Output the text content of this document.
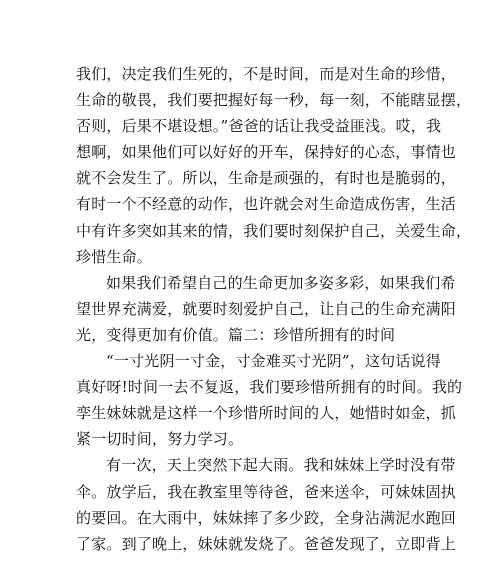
我们，决定我们生死的，不是时间，而是对生命的珍惜，
生命的敬畏，我们要把握好每一秒，每一刻，不能瞎显摆，
否则，后果不堪设想。”爸爸的话让我受益匪浅。哎，我
想啊，如果他们可以好好的开车，保持好的心态，事情也
就不会发生了。所以，生命是顽强的，有时也是脆弱的，
有时一个不经意的动作，也许就会对生命造成伤害，生活
中有许多突如其来的情，我们要时刻保护自己，关爱生命，
珍惜生命。
如果我们希望自己的生命更加多姿多彩，如果我们希
望世界充满爱，就要时刻爱护自己，让自己的生命充满阳
光，变得更加有价值。篇二：珍惜所拥有的时间
“一寸光阴一寸金，寸金难买寸光阴”，这句话说得
真好呀!时间一去不复返，我们要珍惜所拥有的时间。我的
孪生妹妹就是这样一个珍惜所时间的人，她惜时如金，抓
紧一切时间，努力学习。
有一次，天上突然下起大雨。我和妹妹上学时没有带
伞。放学后，我在教室里等待爸，爸来送伞，可妹妹固执
的要回。在大雨中，妹妹摔了多少跤，全身沾满泥水跑回
了家。到了晚上，妹妹就发烧了。爸爸发现了，立即背上
